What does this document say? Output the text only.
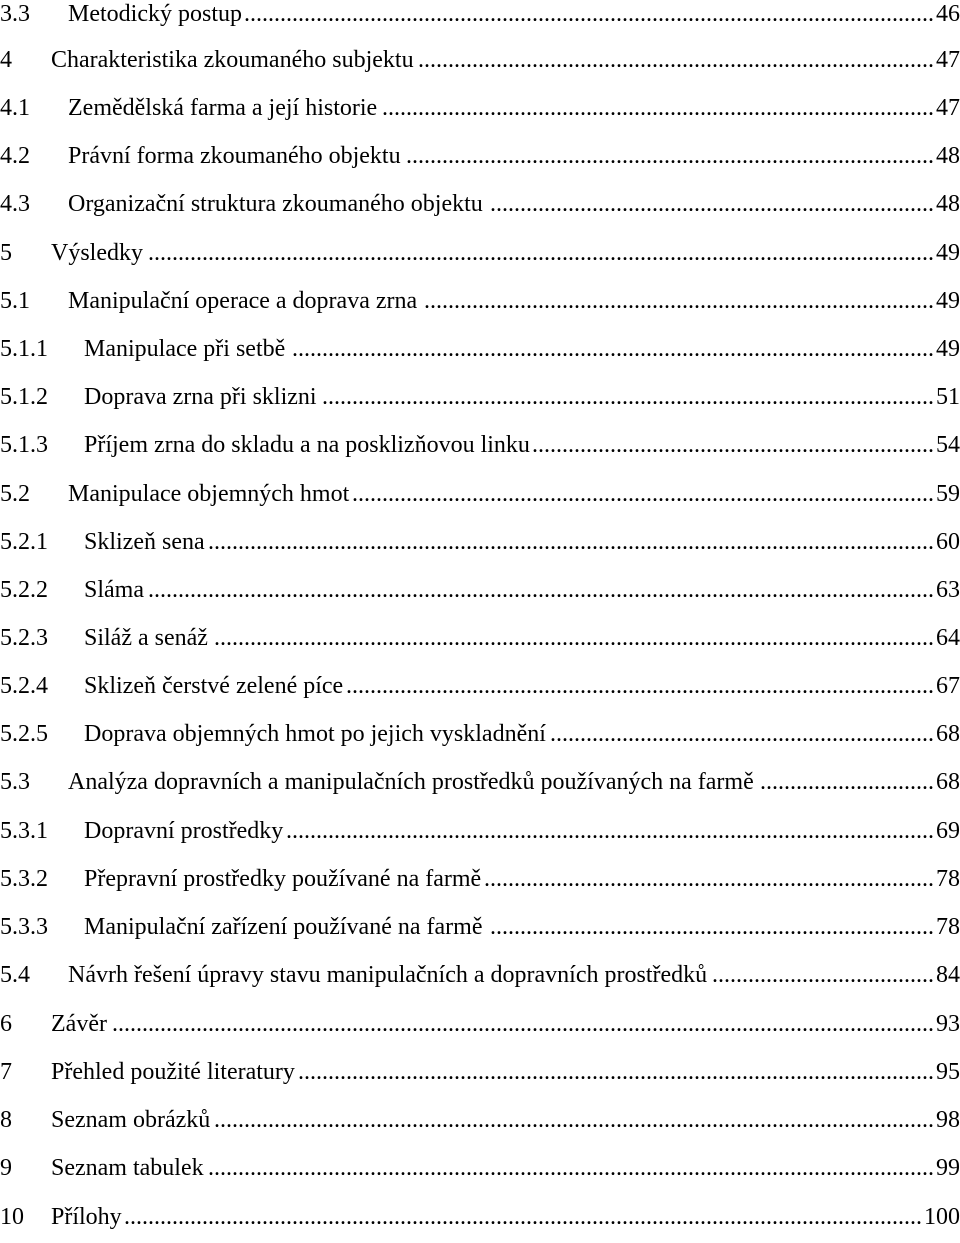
3.3 Metodický postup ................................................................................................................... 46
4 Charakteristika zkoumaného subjektu ...................................................................................... 47
4.1 Zemědělská farma a její historie ............................................................................................ 47
4.2 Právní forma zkoumaného objektu ........................................................................................ 48
4.3 Organizační struktura zkoumaného objektu .......................................................................... 48
5 Výsledky ................................................................................................................................... 49
5.1 Manipulační operace a doprava zrna ..................................................................................... 49
5.1.1 Manipulace při setbě ........................................................................................................... 49
5.1.2 Doprava zrna při sklizni ...................................................................................................... 51
5.1.3 Příjem zrna do skladu a na posklizňovou linku ................................................................... 54
5.2 Manipulace objemných hmot ................................................................................................. 59
5.2.1 Sklizeň sena ......................................................................................................................... 60
5.2.2 Sláma ................................................................................................................................... 63
5.2.3 Siláž a senáž ........................................................................................................................ 64
5.2.4 Sklizeň čerstvé zelené píce .................................................................................................. 67
5.2.5 Doprava objemných hmot po jejich vyskladnění ................................................................ 68
5.3 Analýza dopravních a manipulačních prostředků používaných na farmě ............................. 68
5.3.1 Dopravní prostředky ............................................................................................................ 69
5.3.2 Přepravní prostředky používané na farmě ........................................................................... 78
5.3.3 Manipulační zařízení používané na farmě .......................................................................... 78
5.4 Návrh řešení úpravy stavu manipulačních a dopravních prostředků ..................................... 84
6 Závěr ......................................................................................................................................... 93
7 Přehled použité literatury .......................................................................................................... 95
8 Seznam obrázků ........................................................................................................................ 98
9 Seznam tabulek ......................................................................................................................... 99
10 Přílohy ..................................................................................................................................... 100
